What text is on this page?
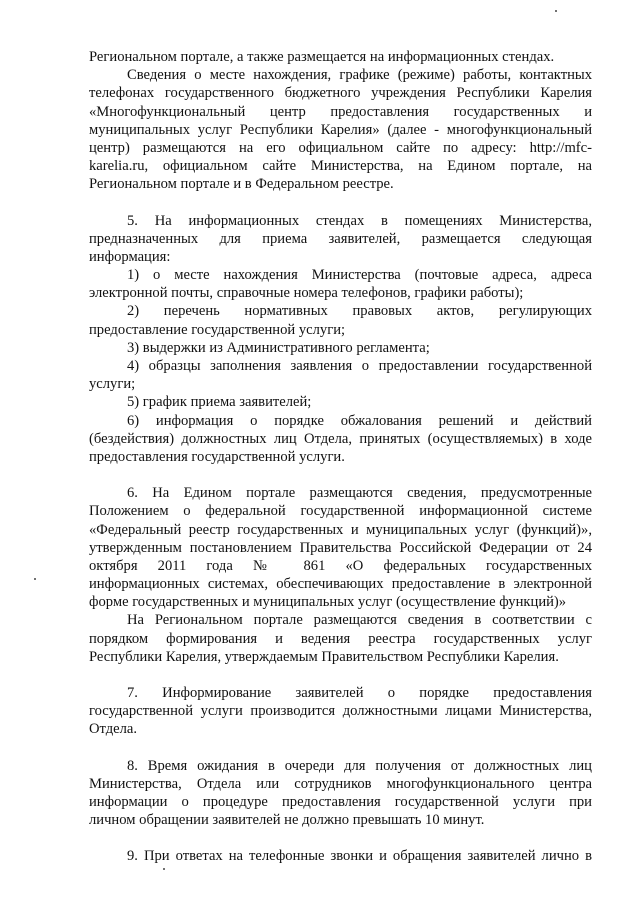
Региональном портале, а также размещается на информационных стендах.
Сведения о месте нахождения, графике (режиме) работы, контактных
телефонах государственного бюджетного учреждения Республики Карелия
«Многофункциональный центр предоставления государственных и
муниципальных услуг Республики Карелия» (далее - многофункциональный
центр) размещаются на его официальном сайте по адресу: http://mfc-
karelia.ru, официальном сайте Министерства, на Едином портале, на
Региональном портале и в Федеральном реестре.
5. На информационных стендах в помещениях Министерства,
предназначенных для приема заявителей, размещается следующая
информация:
1) о месте нахождения Министерства (почтовые адреса, адреса
электронной почты, справочные номера телефонов, графики работы);
2) перечень нормативных правовых актов, регулирующих
предоставление государственной услуги;
3) выдержки из Административного регламента;
4) образцы заполнения заявления о предоставлении государственной
услуги;
5) график приема заявителей;
6) информация о порядке обжалования решений и действий
(бездействия) должностных лиц Отдела, принятых (осуществляемых) в ходе
предоставления государственной услуги.
6. На Едином портале размещаются сведения, предусмотренные
Положением о федеральной государственной информационной системе
«Федеральный реестр государственных и муниципальных услуг (функций)»,
утвержденным постановлением Правительства Российской Федерации от 24
октября 2011 года № 861 «О федеральных государственных
информационных системах, обеспечивающих предоставление в электронной
форме государственных и муниципальных услуг (осуществление функций)»
На Региональном портале размещаются сведения в соответствии с
порядком формирования и ведения реестра государственных услуг
Республики Карелия, утверждаемым Правительством Республики Карелия.
7. Информирование заявителей о порядке предоставления
государственной услуги производится должностными лицами Министерства,
Отдела.
8. Время ожидания в очереди для получения от должностных лиц
Министерства, Отдела или сотрудников многофункционального центра
информации о процедуре предоставления государственной услуги при
личном обращении заявителей не должно превышать 10 минут.
9. При ответах на телефонные звонки и обращения заявителей лично в
